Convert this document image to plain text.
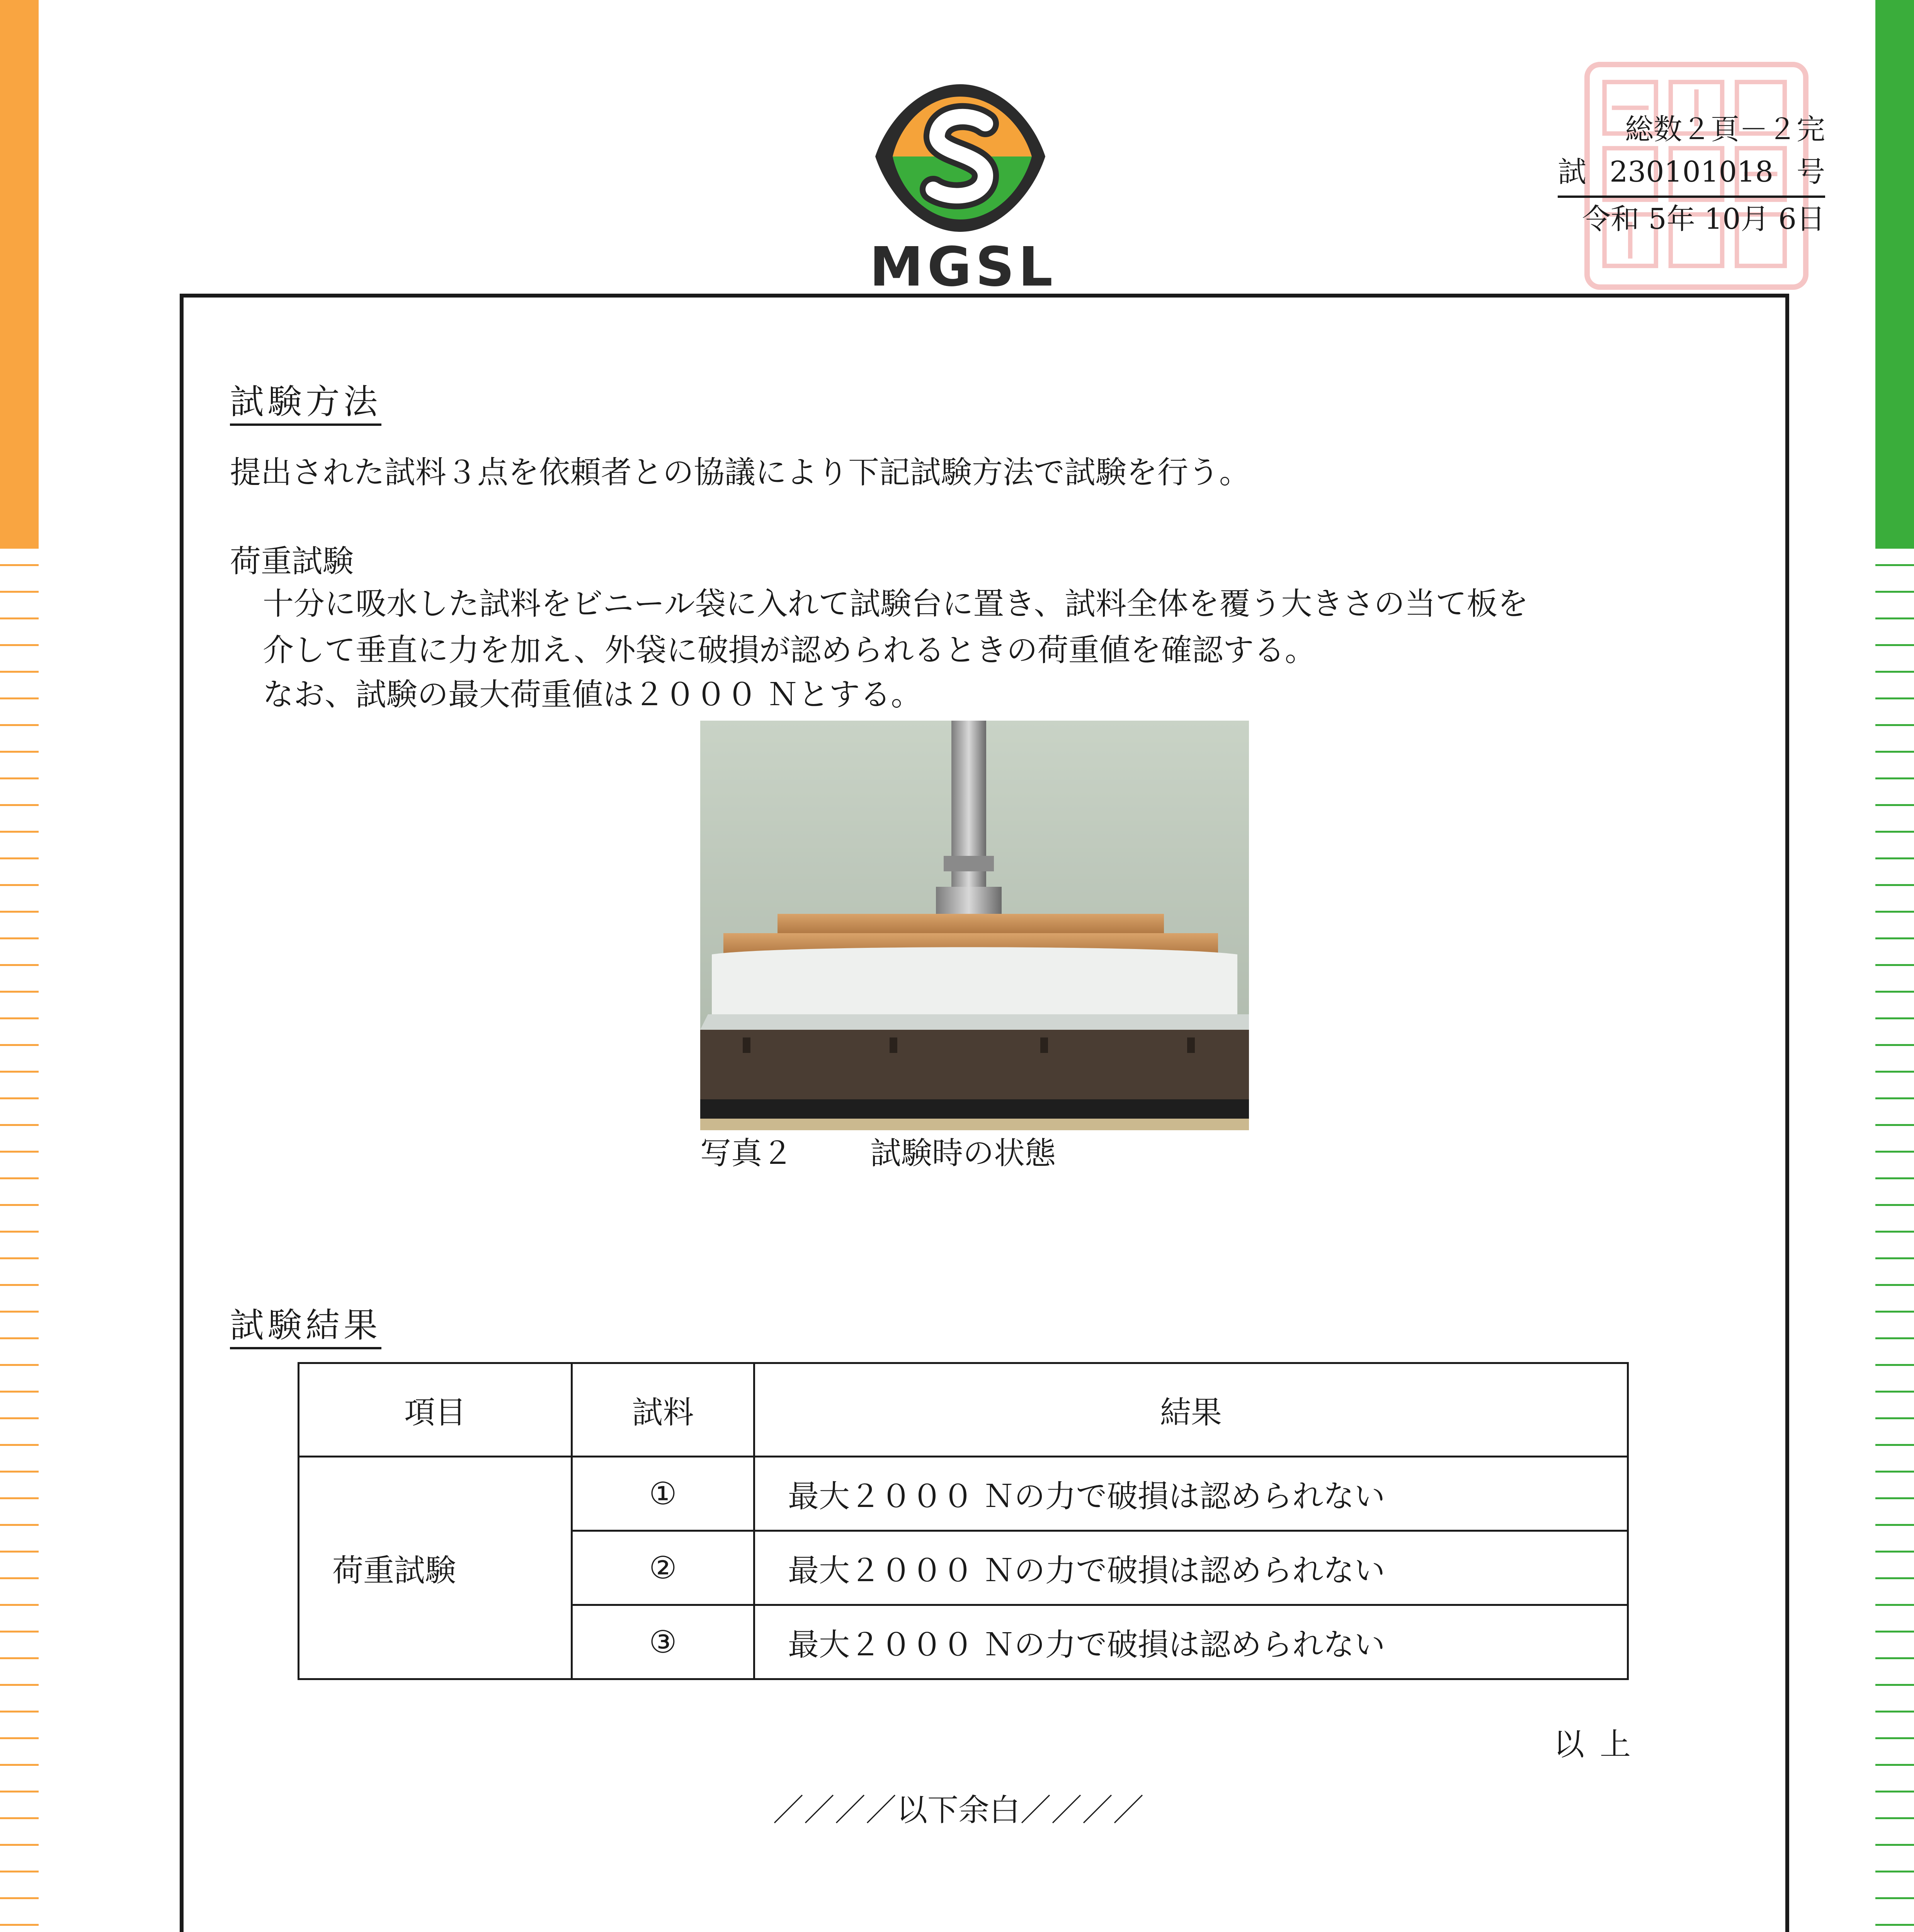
MGSL
総数２頁－２完
試 230101018 号
令和 5年 10月 6日
試験方法
提出された試料３点を依頼者との協議により下記試験方法で試験を行う。
荷重試験
十分に吸水した試料をビニール袋に入れて試験台に置き、試料全体を覆う大きさの当て板を
介して垂直に力を加え、外袋に破損が認められるときの荷重値を確認する。
なお、試験の最大荷重値は２０００ Ｎとする。
写真２	試験時の状態
試験結果
項目	試料	結果
荷重試験	①	最大２０００ Ｎの力で破損は認められない
	②	最大２０００ Ｎの力で破損は認められない
	③	最大２０００ Ｎの力で破損は認められない
以上
／／／／以下余白／／／／
